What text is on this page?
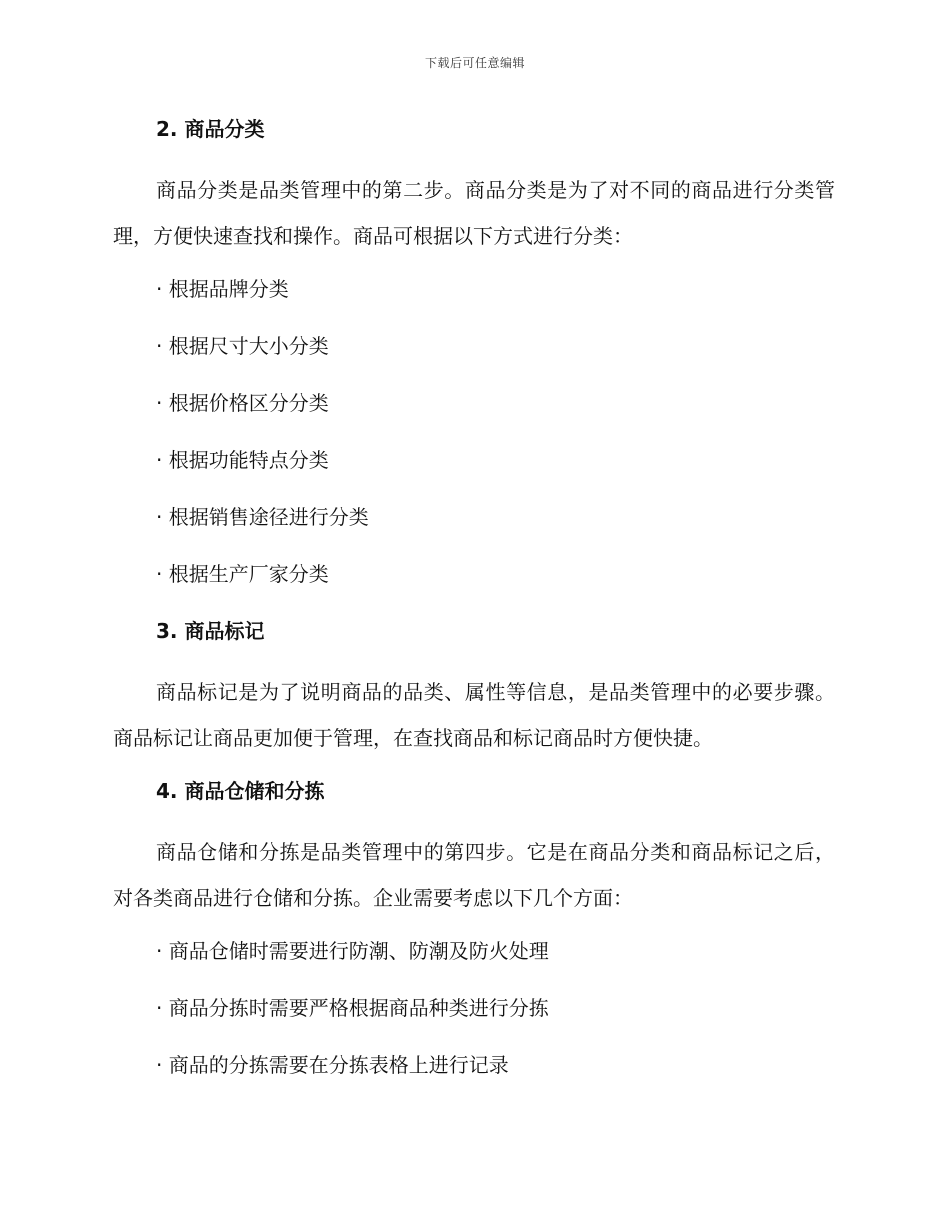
下载后可任意编辑
2. 商品分类

商品分类是品类管理中的第二步。商品分类是为了对不同的商品进行分类管理，方便快速查找和操作。商品可根据以下方式进行分类：

· 根据品牌分类
· 根据尺寸大小分类
· 根据价格区分分类
· 根据功能特点分类
· 根据销售途径进行分类
· 根据生产厂家分类
3. 商品标记

商品标记是为了说明商品的品类、属性等信息，是品类管理中的必要步骤。商品标记让商品更加便于管理，在查找商品和标记商品时方便快捷。

4. 商品仓储和分拣

商品仓储和分拣是品类管理中的第四步。它是在商品分类和商品标记之后，对各类商品进行仓储和分拣。企业需要考虑以下几个方面：

· 商品仓储时需要进行防潮、防潮及防火处理
· 商品分拣时需要严格根据商品种类进行分拣
· 商品的分拣需要在分拣表格上进行记录
